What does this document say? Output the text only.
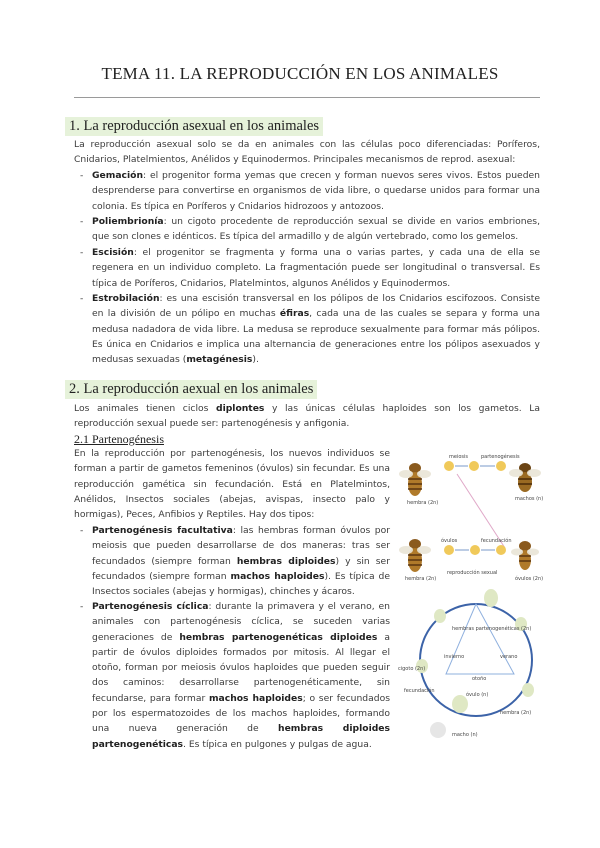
TEMA 11. LA REPRODUCCIÓN EN LOS ANIMALES
1. La reproducción asexual en los animales
La reproducción asexual solo se da en animales con las células poco diferenciadas: Poríferos, Cnidarios, Platelmientos, Anélidos y Equinodermos. Principales mecanismos de reprod. asexual:
- Gemación: el progenitor forma yemas que crecen y forman nuevos seres vivos. Estos pueden desprenderse para convertirse en organismos de vida libre, o quedarse unidos para formar una colonia. Es típica en Poríferos y Cnidarios hidrozoos y antozoos.
- Poliembrionía: un cigoto procedente de reproducción sexual se divide en varios embriones, que son clones e idénticos. Es típica del armadillo y de algún vertebrado, como los gemelos.
- Escisión: el progenitor se fragmenta y forma una o varias partes, y cada una de ella se regenera en un individuo completo. La fragmentación puede ser longitudinal o transversal. Es típica de Poríferos, Cnidarios, Platelmintos, algunos Anélidos y Equinodermos.
- Estrobilación: es una escisión transversal en los pólipos de los Cnidarios escifozoos. Consiste en la división de un pólipo en muchas éfiras, cada una de las cuales se separa y forma una medusa nadadora de vida libre. La medusa se reproduce sexualmente para formar más pólipos. Es única en Cnidarios e implica una alternancia de generaciones entre los pólipos asexuados y medusas sexuadas (metagénesis).
2. La reproducción aexual en los animales
Los animales tienen ciclos diplontes y las únicas células haploides son los gametos. La reproducción sexual puede ser: partenogénesis y anfigonia.
2.1 Partenogénesis
En la reproducción por partenogénesis, los nuevos individuos se forman a partir de gametos femeninos (óvulos) sin fecundar. Es una reproducción gamética sin fecundación. Está en Platelmintos, Anélidos, Insectos sociales (abejas, avispas, insecto palo y hormigas), Peces, Anfibios y Reptiles. Hay dos tipos:
- Partenogénesis facultativa: las hembras forman óvulos por meiosis que pueden desarrollarse de dos maneras: tras ser fecundados (siempre forman hembras diploides) y sin ser fecundados (siempre forman machos haploides). Es típica de Insectos sociales (abejas y hormigas), chinches y ácaros.
- Partenogénesis cíclica: durante la primavera y el verano, en animales con partenogénesis cíclica, se suceden varias generaciones de hembras partenogenéticas diploides a partir de óvulos diploides formados por mitosis. Al llegar el otoño, forman por meiosis óvulos haploides que pueden seguir dos caminos: desarrollarse partenogenéticamente, sin fecundarse, para formar machos haploides; o ser fecundados por los espermatozoides de los machos haploides, formando una nueva generación de hembras diploides partenogenéticas. Es típica en pulgones y pulgas de agua.
hembra (2n)
meiosis	partenogénesis
machos (n)
hembra (2n)
óvulos	fecundación
reproducción sexual
óvulos (2n)
hembras partenogenéticas (2n)
invierno	verano
otoño
cigoto (2n)
fecundación
óvulo (n)
hembra (2n)
macho (n)
